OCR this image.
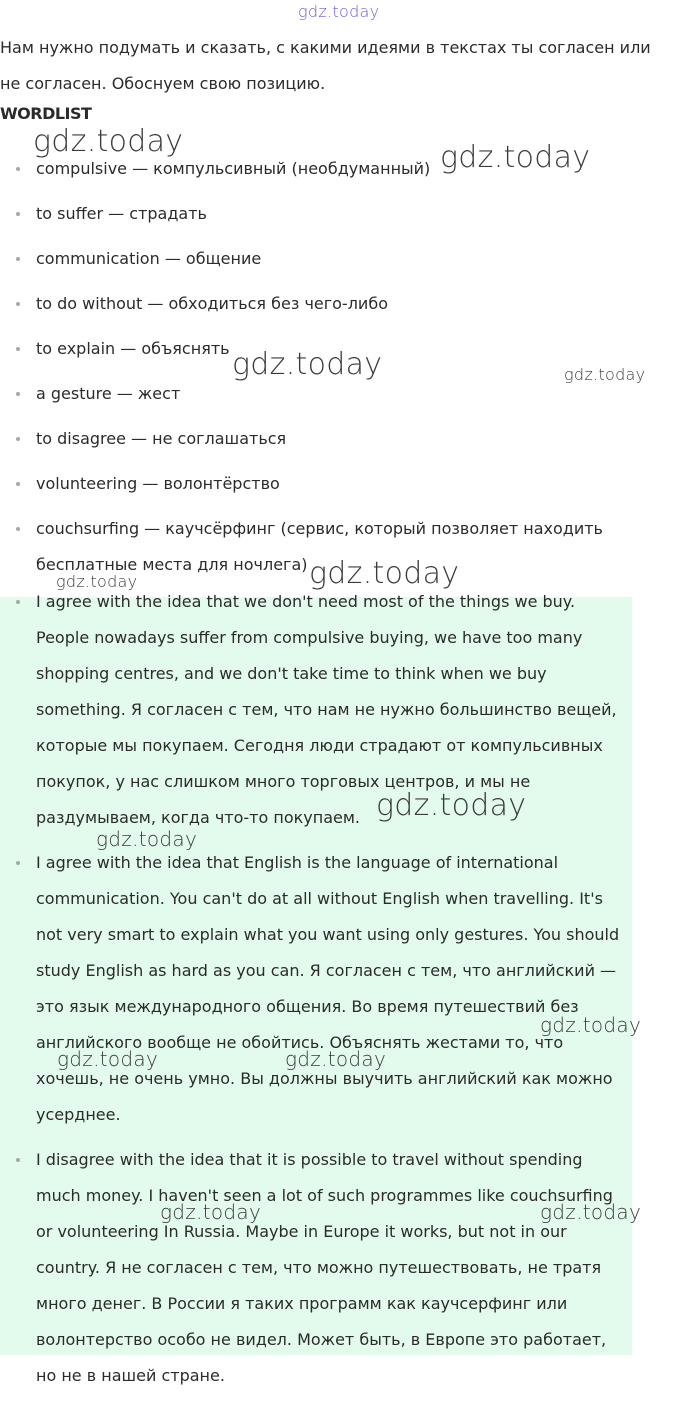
gdz.today
Нам нужно подумать и сказать, с какими идеями в текстах ты согласен или не согласен. Обоснуем свою позицию.
WORDLIST
compulsive — компульсивный (необдуманный)
to suffer — страдать
communication — общение
to do without — обходиться без чего-либо
to explain — объяснять
a gesture — жест
to disagree — не соглашаться
volunteering — волонтёрство
couchsurfing — каучсёрфинг (сервис, который позволяет находить бесплатные места для ночлега)
I agree with the idea that we don't need most of the things we buy. People nowadays suffer from compulsive buying, we have too many shopping centres, and we don't take time to think when we buy something. Я согласен с тем, что нам не нужно большинство вещей, которые мы покупаем. Сегодня люди страдают от компульсивных покупок, у нас слишком много торговых центров, и мы не раздумываем, когда что-то покупаем.
I agree with the idea that English is the language of international communication. You can't do at all without English when travelling. It's not very smart to explain what you want using only gestures. You should study English as hard as you can. Я согласен с тем, что английский — это язык международного общения. Во время путешествий без английского вообще не обойтись. Объяснять жестами то, что хочешь, не очень умно. Вы должны выучить английский как можно усерднее.
I disagree with the idea that it is possible to travel without spending much money. I haven't seen a lot of such programmes like couchsurfing or volunteering In Russia. Maybe in Europe it works, but not in our country. Я не согласен с тем, что можно путешествовать, не тратя много денег. В России я таких программ как каучсерфинг или волонтерство особо не видел. Может быть, в Европе это работает, но не в нашей стране.
gdz.today	gdz.today
gdz.today	gdz.today
gdz.today	gdz.today
gdz.today
gdz.today
gdz.today
gdz.today	gdz.today
gdz.today	gdz.today
